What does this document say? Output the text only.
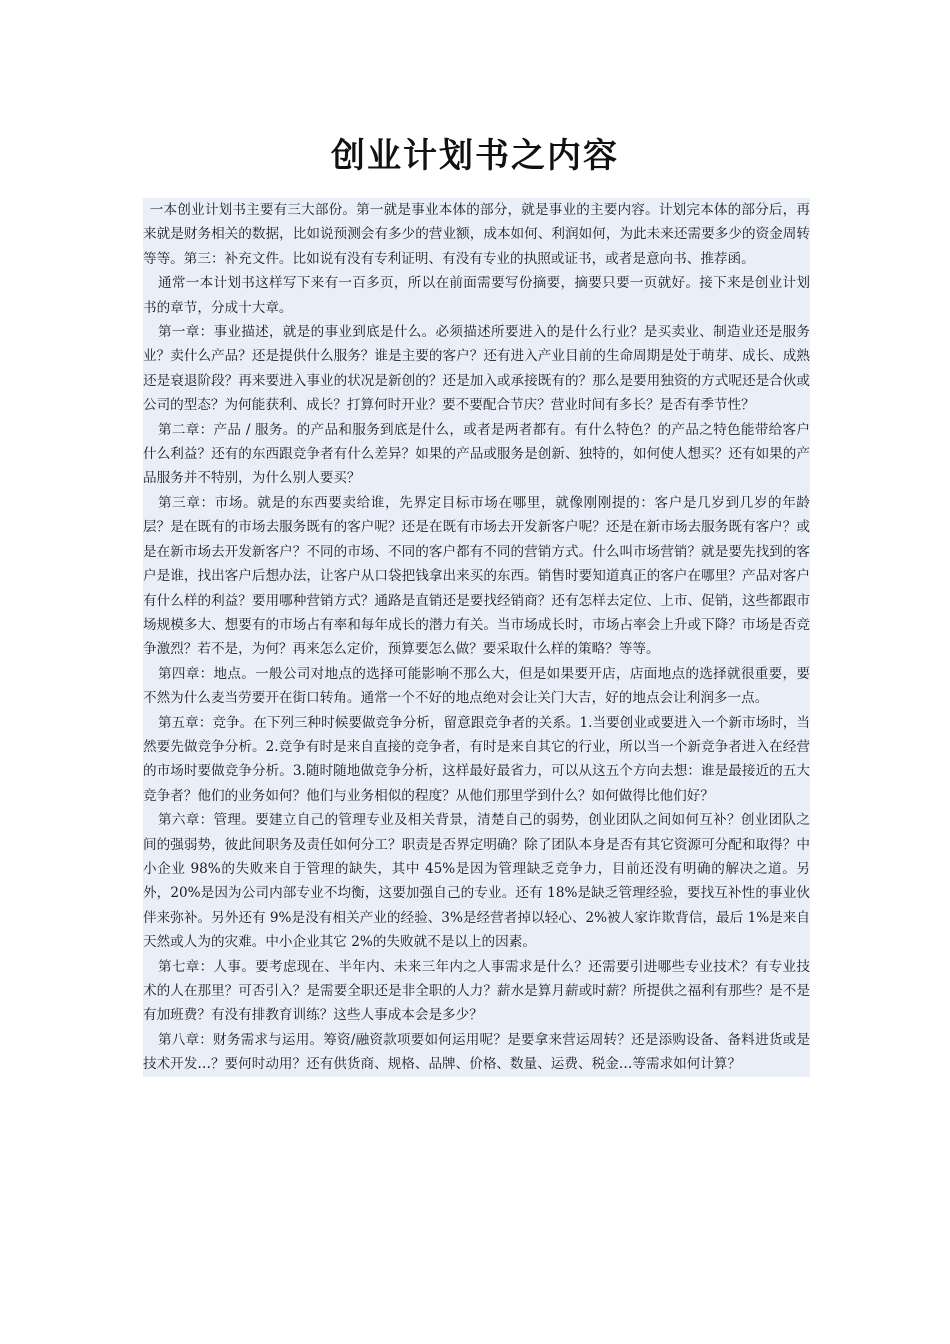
创业计划书之内容

一本创业计划书主要有三大部份。第一就是事业本体的部分，就是事业的主要内容。计划完本体的部分后，再来就是财务相关的数据，比如说预测会有多少的营业额，成本如何、利润如何，为此未来还需要多少的资金周转等等。第三：补充文件。比如说有没有专利证明、有没有专业的执照或证书，或者是意向书、推荐函。

通常一本计划书这样写下来有一百多页，所以在前面需要写份摘要，摘要只要一页就好。接下来是创业计划书的章节，分成十大章。

第一章：事业描述，就是的事业到底是什么。必须描述所要进入的是什么行业？是买卖业、制造业还是服务业？卖什么产品？还是提供什么服务？谁是主要的客户？还有进入产业目前的生命周期是处于萌芽、成长、成熟还是衰退阶段？再来要进入事业的状况是新创的？还是加入或承接既有的？那么是要用独资的方式呢还是合伙或公司的型态？为何能获利、成长？打算何时开业？要不要配合节庆？营业时间有多长？是否有季节性？

第二章：产品 / 服务。的产品和服务到底是什么，或者是两者都有。有什么特色？的产品之特色能带给客户什么利益？还有的东西跟竞争者有什么差异？如果的产品或服务是创新、独特的，如何使人想买？还有如果的产品服务并不特别，为什么别人要买？

第三章：市场。就是的东西要卖给谁，先界定目标市场在哪里，就像刚刚提的：客户是几岁到几岁的年龄层？是在既有的市场去服务既有的客户呢？还是在既有市场去开发新客户呢？还是在新市场去服务既有客户？或是在新市场去开发新客户？不同的市场、不同的客户都有不同的营销方式。什么叫市场营销？就是要先找到的客户是谁，找出客户后想办法，让客户从口袋把钱拿出来买的东西。销售时要知道真正的客户在哪里？产品对客户有什么样的利益？要用哪种营销方式？通路是直销还是要找经销商？还有怎样去定位、上市、促销，这些都跟市场规模多大、想要有的市场占有率和每年成长的潜力有关。当市场成长时，市场占率会上升或下降？市场是否竞争激烈？若不是，为何？再来怎么定价，预算要怎么做？要采取什么样的策略？等等。

第四章：地点。一般公司对地点的选择可能影响不那么大，但是如果要开店，店面地点的选择就很重要，要不然为什么麦当劳要开在街口转角。通常一个不好的地点绝对会让关门大吉，好的地点会让利润多一点。

第五章：竞争。在下列三种时候要做竞争分析，留意跟竞争者的关系。1.当要创业或要进入一个新市场时，当然要先做竞争分析。2.竞争有时是来自直接的竞争者，有时是来自其它的行业，所以当一个新竞争者进入在经营的市场时要做竞争分析。3.随时随地做竞争分析，这样最好最省力，可以从这五个方向去想：谁是最接近的五大竞争者？他们的业务如何？他们与业务相似的程度？从他们那里学到什么？如何做得比他们好？

第六章：管理。要建立自己的管理专业及相关背景，清楚自己的弱势，创业团队之间如何互补？创业团队之间的强弱势，彼此间职务及责任如何分工？职责是否界定明确？除了团队本身是否有其它资源可分配和取得？中小企业 98%的失败来自于管理的缺失，其中 45%是因为管理缺乏竞争力，目前还没有明确的解决之道。另外，20%是因为公司内部专业不均衡，这要加强自己的专业。还有 18%是缺乏管理经验，要找互补性的事业伙伴来弥补。另外还有 9%是没有相关产业的经验、3%是经营者掉以轻心、2%被人家诈欺背信，最后 1%是来自天然或人为的灾难。中小企业其它 2%的失败就不是以上的因素。

第七章：人事。要考虑现在、半年内、未来三年内之人事需求是什么？还需要引进哪些专业技术？有专业技术的人在那里？可否引入？是需要全职还是非全职的人力？薪水是算月薪或时薪？所提供之福利有那些？是不是有加班费？有没有排教育训练？这些人事成本会是多少？

第八章：财务需求与运用。筹资/融资款项要如何运用呢？是要拿来营运周转？还是添购设备、备料进货或是技术开发…？要何时动用？还有供货商、规格、品牌、价格、数量、运费、税金…等需求如何计算？
